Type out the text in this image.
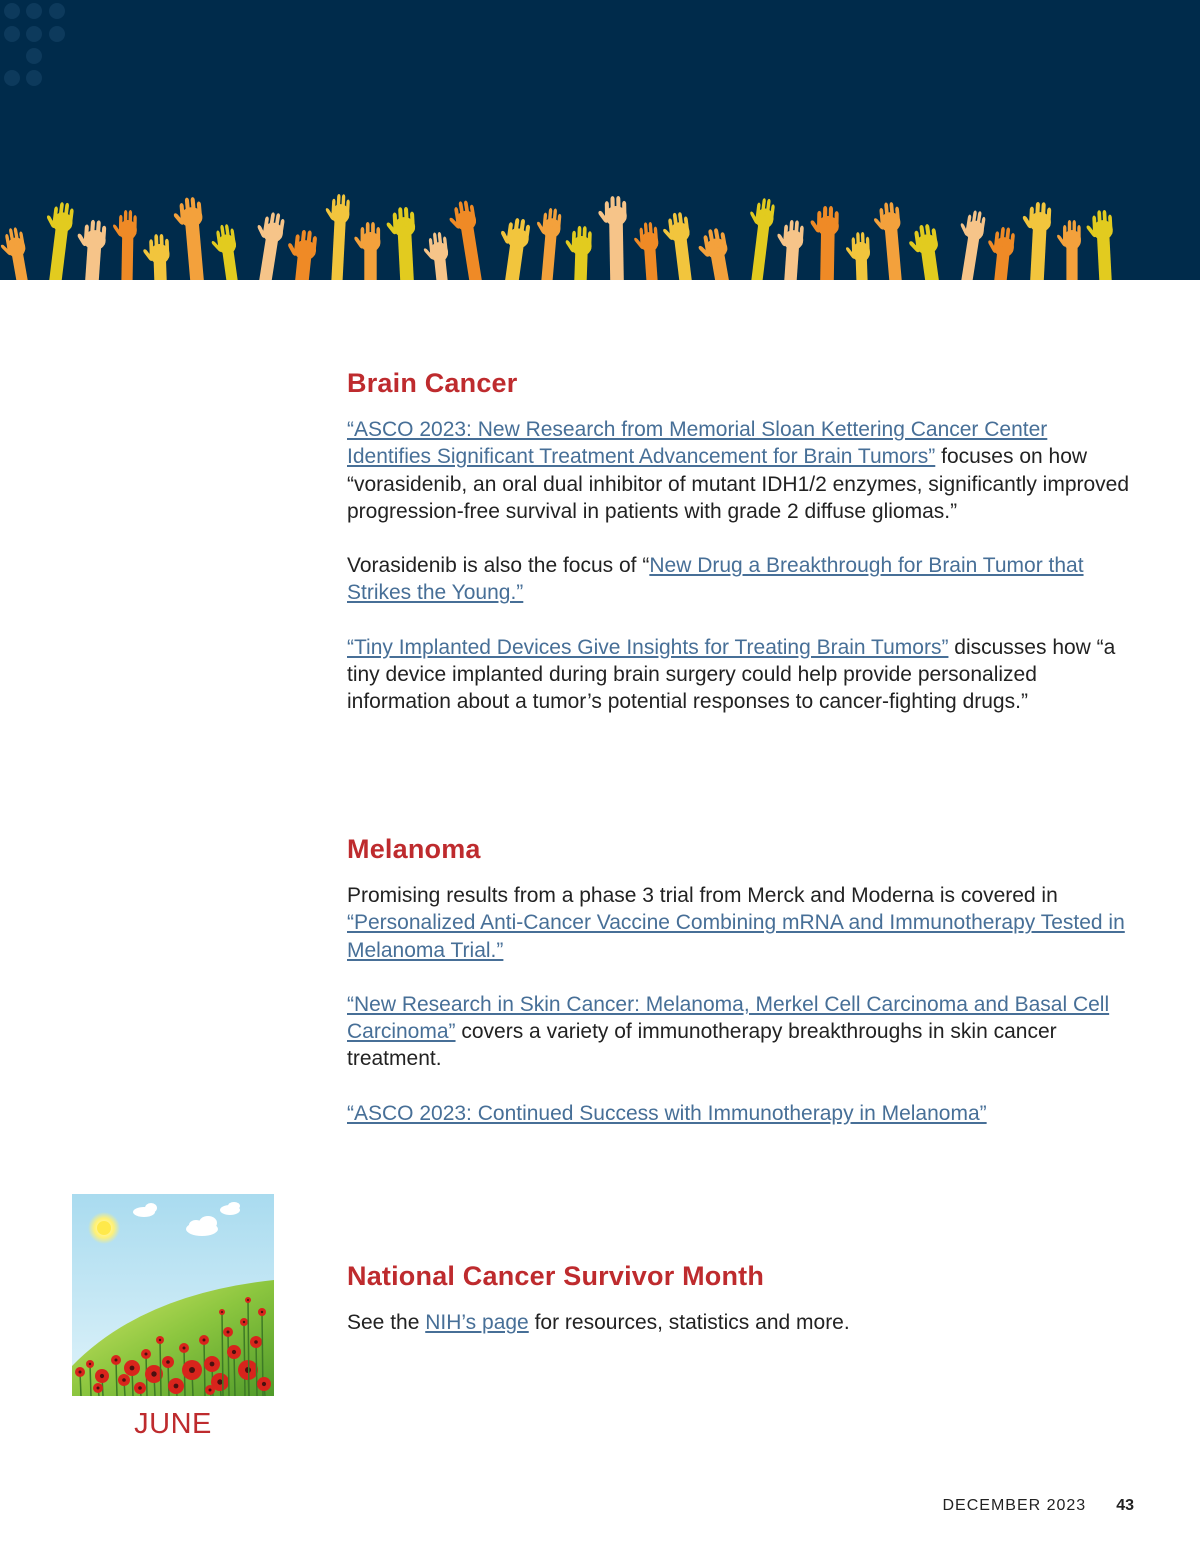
Brain Cancer

“ASCO 2023: New Research from Memorial Sloan Kettering Cancer Center Identifies Significant Treatment Advancement for Brain Tumors” focuses on how “vorasidenib, an oral dual inhibitor of mutant IDH1/2 enzymes, significantly improved progression-free survival in patients with grade 2 diffuse gliomas.”

Vorasidenib is also the focus of “New Drug a Breakthrough for Brain Tumor that Strikes the Young.”

“Tiny Implanted Devices Give Insights for Treating Brain Tumors” discusses how “a tiny device implanted during brain surgery could help provide personalized information about a tumor’s potential responses to cancer-fighting drugs.”

Melanoma

Promising results from a phase 3 trial from Merck and Moderna is covered in “Personalized Anti-Cancer Vaccine Combining mRNA and Immunotherapy Tested in Melanoma Trial.”

“New Research in Skin Cancer: Melanoma, Merkel Cell Carcinoma and Basal Cell Carcinoma” covers a variety of immunotherapy breakthroughs in skin cancer treatment.

“ASCO 2023: Continued Success with Immunotherapy in Melanoma”

National Cancer Survivor Month

See the NIH’s page for resources, statistics and more.

JUNE
DECEMBER 2023 43
